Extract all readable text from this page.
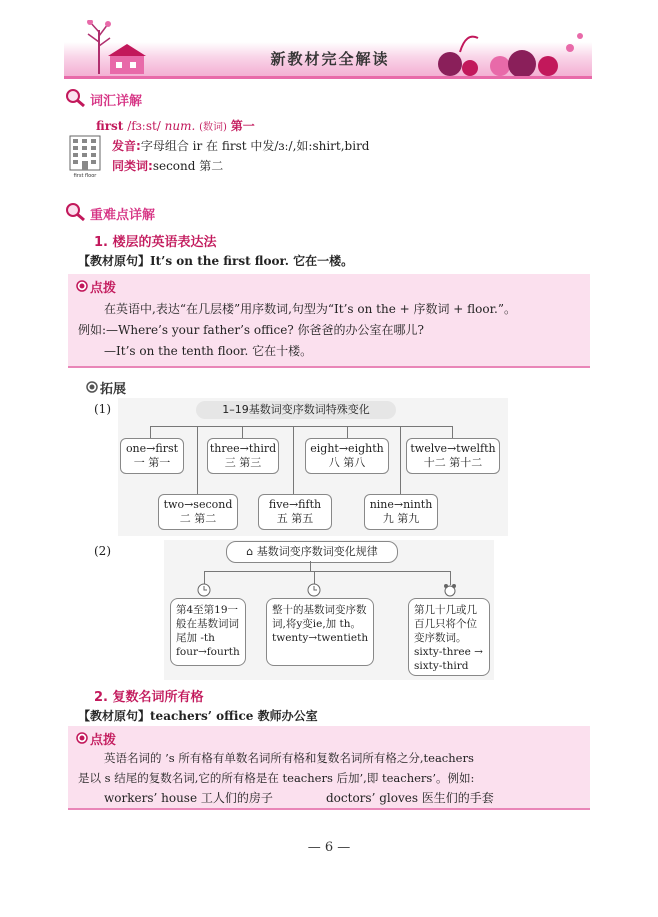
新教材完全解读
词汇详解
first /fɜːst/ num. (数词) 第一
first floor
发音:字母组合 ir 在 first 中发/ɜː/,如:shirt,bird
同类词:second 第二
重难点详解
1. 楼层的英语表达法
【教材原句】It’s on the first floor. 它在一楼。
点拨
在英语中,表达“在几层楼”用序数词,句型为“It’s on the + 序数词 + floor.”。
例如:—Where’s your father’s office? 你爸爸的办公室在哪儿?
—It’s on the tenth floor. 它在十楼。
拓展
(1)	1–19基数词变序数词特殊变化
one→first
一 第一
three→third
三 第三
eight→eighth
八 第八
twelve→twelfth
十二 第十二
two→second
二 第二
five→fifth
五 第五
nine→ninth
九 第九
(2)	⌂ 基数词变序数词变化规律
第4至第19一般在基数词词尾加 -th
four→fourth
整十的基数词变序数词,将y变ie,加 th。
twenty→twentieth
第几十几或几百几只将个位变序数词。
sixty-three → sixty-third
2. 复数名词所有格
【教材原句】teachers’ office 教师办公室
点拨
英语名词的 ’s 所有格有单数名词所有格和复数名词所有格之分,teachers
是以 s 结尾的复数名词,它的所有格是在 teachers 后加’,即 teachers’。例如:
workers’ house 工人们的房子	doctors’ gloves 医生们的手套
— 6 —
